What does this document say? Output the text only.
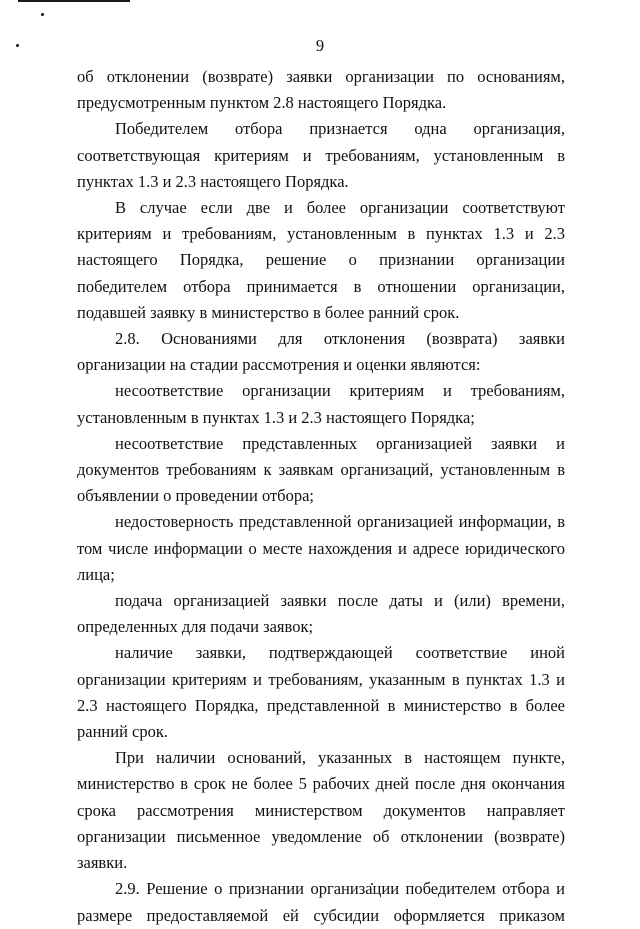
9

об отклонении (возврате) заявки организации по основаниям, предусмотренным пунктом 2.8 настоящего Порядка.

Победителем отбора признается одна организация, соответствующая критериям и требованиям, установленным в пунктах 1.3 и 2.3 настоящего Порядка.

В случае если две и более организации соответствуют критериям и требованиям, установленным в пунктах 1.3 и 2.3 настоящего Порядка, решение о признании организации победителем отбора принимается в отношении организации, подавшей заявку в министерство в более ранний срок.

2.8. Основаниями для отклонения (возврата) заявки организации на стадии рассмотрения и оценки являются:

несоответствие организации критериям и требованиям, установленным в пунктах 1.3 и 2.3 настоящего Порядка;

несоответствие представленных организацией заявки и документов требованиям к заявкам организаций, установленным в объявлении о проведении отбора;

недостоверность представленной организацией информации, в том числе информации о месте нахождения и адресе юридического лица;

подача организацией заявки после даты и (или) времени, определенных для подачи заявок;

наличие заявки, подтверждающей соответствие иной организации критериям и требованиям, указанным в пунктах 1.3 и 2.3 настоящего Порядка, представленной в министерство в более ранний срок.

При наличии оснований, указанных в настоящем пункте, министерство в срок не более 5 рабочих дней после дня окончания срока рассмотрения министерством документов направляет организации письменное уведомление об отклонении (возврате) заявки.

2.9. Решение о признании организации победителем отбора и размере предоставляемой ей субсидии оформляется приказом
